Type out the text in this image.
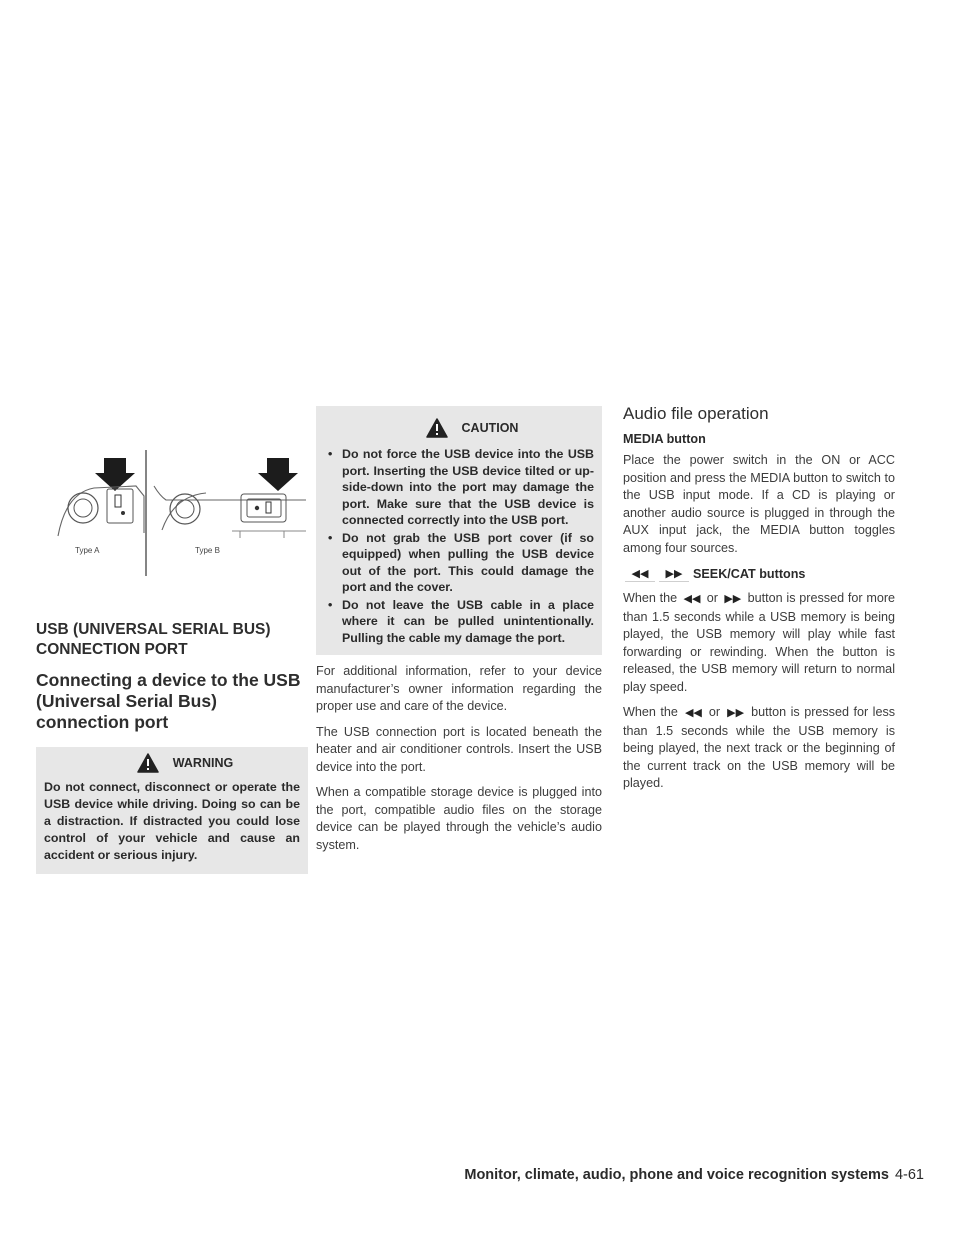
Type A	Type B
USB (UNIVERSAL SERIAL BUS) CONNECTION PORT
Connecting a device to the USB (Universal Serial Bus) connection port
WARNING
Do not connect, disconnect or operate the USB device while driving. Doing so can be a distraction. If distracted you could lose control of your vehicle and cause an accident or serious injury.
CAUTION
• Do not force the USB device into the USB port. Inserting the USB device tilted or up-side-down into the port may damage the port. Make sure that the USB device is connected correctly into the USB port.
• Do not grab the USB port cover (if so equipped) when pulling the USB device out of the port. This could damage the port and the cover.
• Do not leave the USB cable in a place where it can be pulled unintentionally. Pulling the cable my damage the port.

For additional information, refer to your device manufacturer’s owner information regarding the proper use and care of the device.

The USB connection port is located beneath the heater and air conditioner controls. Insert the USB device into the port.

When a compatible storage device is plugged into the port, compatible audio files on the storage device can be played through the vehicle’s audio system.

Audio file operation
MEDIA button

Place the power switch in the ON or ACC position and press the MEDIA button to switch to the USB input mode. If a CD is playing or another audio source is plugged in through the AUX input jack, the MEDIA button toggles among four sources.

◀◀	▶▶ SEEK/CAT buttons

When the ◀◀ or ▶▶ button is pressed for more than 1.5 seconds while a USB memory is being played, the USB memory will play while fast forwarding or rewinding. When the button is released, the USB memory will return to normal play speed.

When the ◀◀ or ▶▶ button is pressed for less than 1.5 seconds while the USB memory is being played, the next track or the beginning of the current track on the USB memory will be played.

Monitor, climate, audio, phone and voice recognition systems 4-61
